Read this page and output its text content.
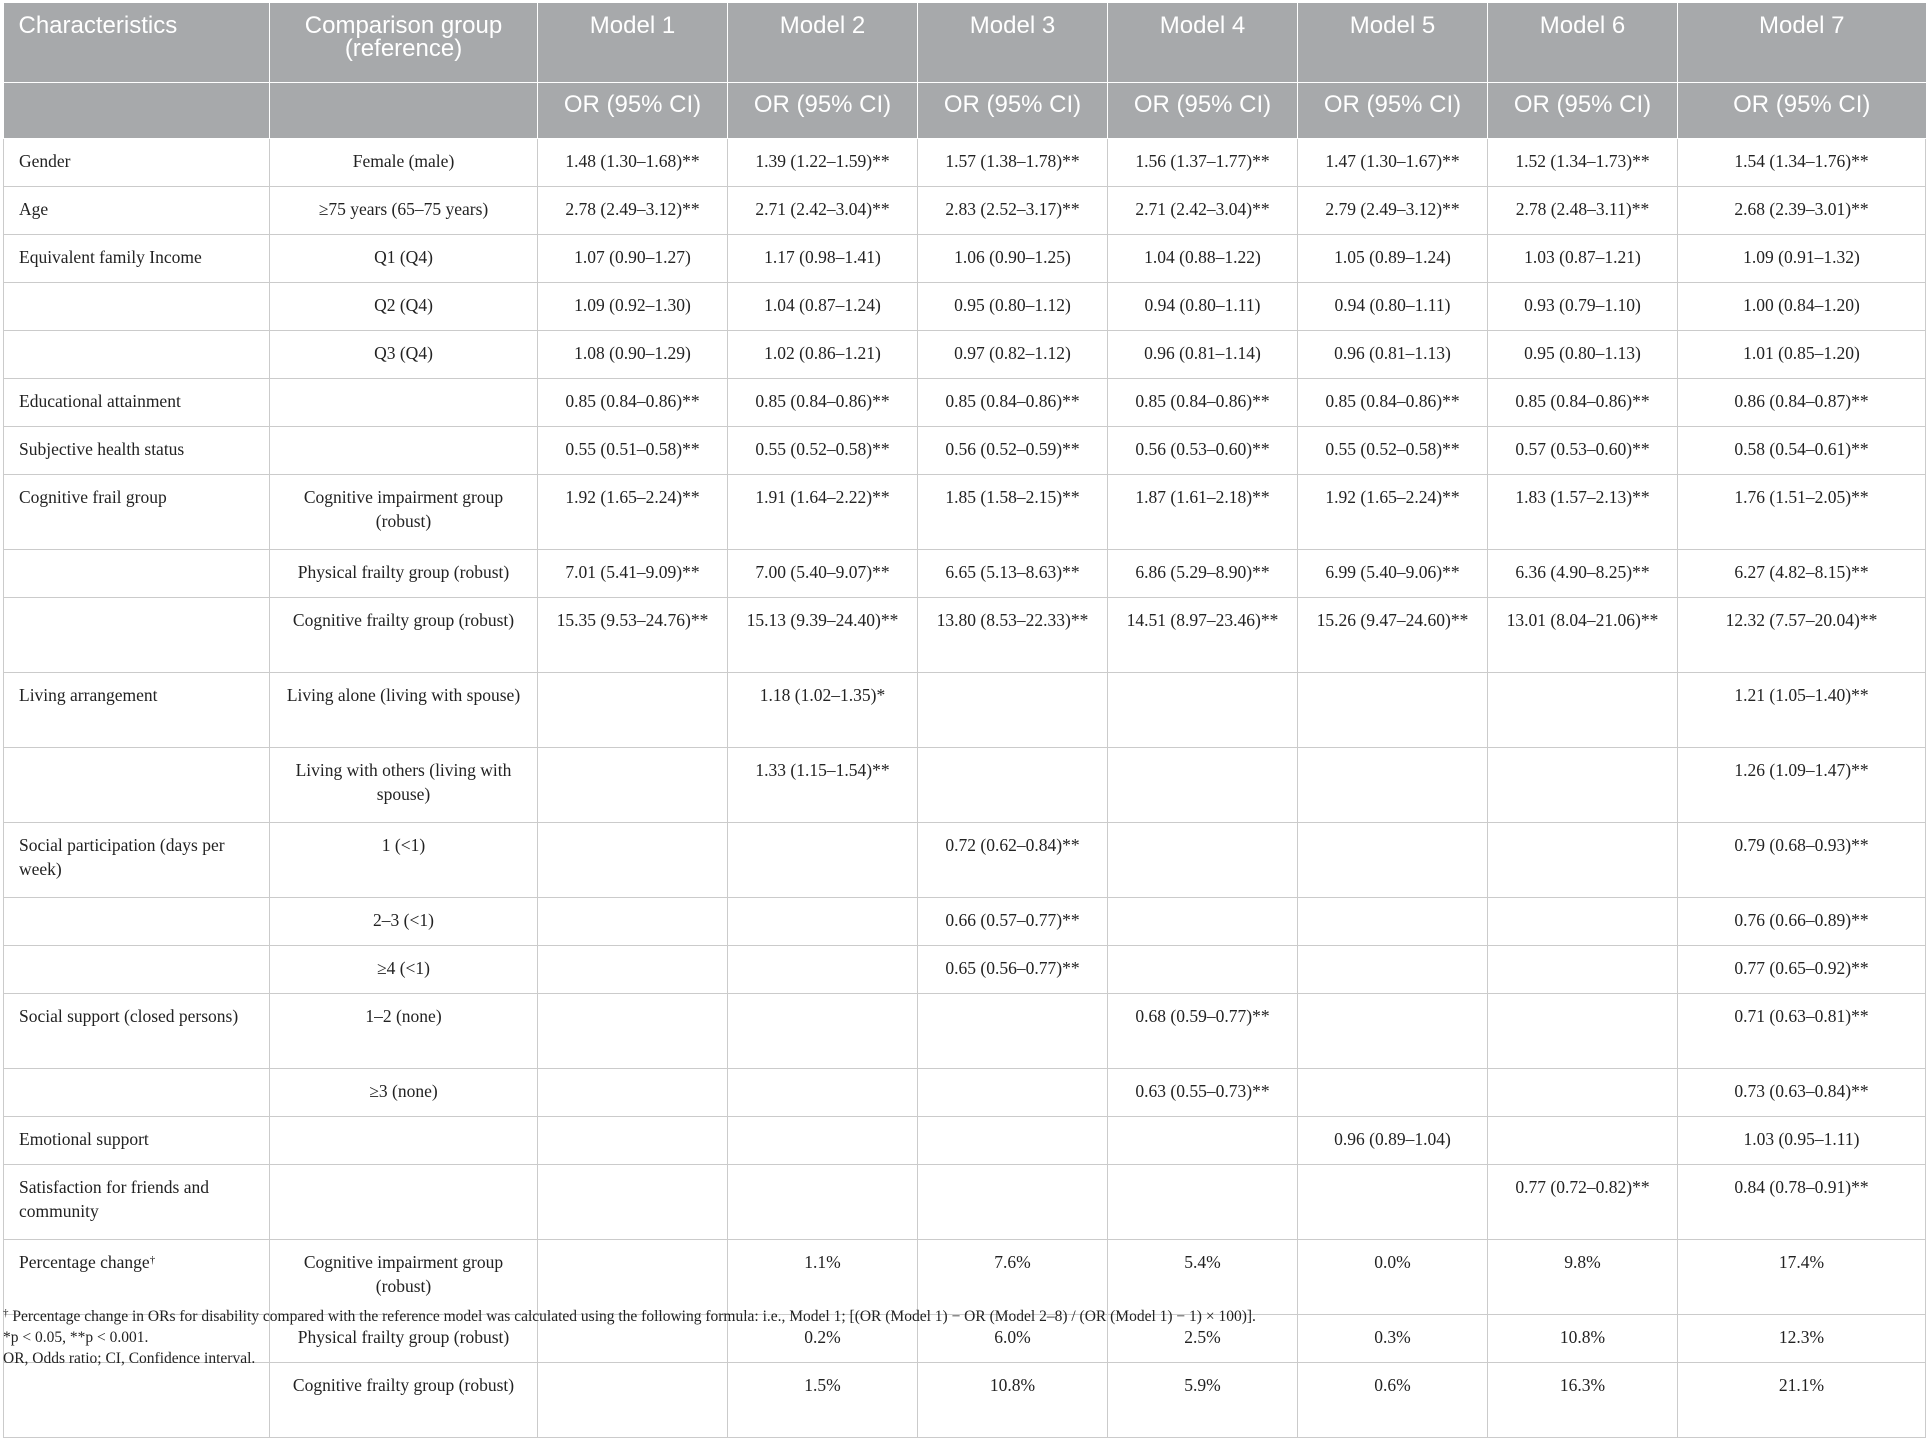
Characteristics	Comparison group (reference)	Model 1	Model 2	Model 3	Model 4	Model 5	Model 6	Model 7
		OR (95% CI)	OR (95% CI)	OR (95% CI)	OR (95% CI)	OR (95% CI)	OR (95% CI)	OR (95% CI)
Gender	Female (male)	1.48 (1.30–1.68)**	1.39 (1.22–1.59)**	1.57 (1.38–1.78)**	1.56 (1.37–1.77)**	1.47 (1.30–1.67)**	1.52 (1.34–1.73)**	1.54 (1.34–1.76)**
Age	≥75 years (65–75 years)	2.78 (2.49–3.12)**	2.71 (2.42–3.04)**	2.83 (2.52–3.17)**	2.71 (2.42–3.04)**	2.79 (2.49–3.12)**	2.78 (2.48–3.11)**	2.68 (2.39–3.01)**
Equivalent family Income	Q1 (Q4)	1.07 (0.90–1.27)	1.17 (0.98–1.41)	1.06 (0.90–1.25)	1.04 (0.88–1.22)	1.05 (0.89–1.24)	1.03 (0.87–1.21)	1.09 (0.91–1.32)
	Q2 (Q4)	1.09 (0.92–1.30)	1.04 (0.87–1.24)	0.95 (0.80–1.12)	0.94 (0.80–1.11)	0.94 (0.80–1.11)	0.93 (0.79–1.10)	1.00 (0.84–1.20)
	Q3 (Q4)	1.08 (0.90–1.29)	1.02 (0.86–1.21)	0.97 (0.82–1.12)	0.96 (0.81–1.14)	0.96 (0.81–1.13)	0.95 (0.80–1.13)	1.01 (0.85–1.20)
Educational attainment		0.85 (0.84–0.86)**	0.85 (0.84–0.86)**	0.85 (0.84–0.86)**	0.85 (0.84–0.86)**	0.85 (0.84–0.86)**	0.85 (0.84–0.86)**	0.86 (0.84–0.87)**
Subjective health status		0.55 (0.51–0.58)**	0.55 (0.52–0.58)**	0.56 (0.52–0.59)**	0.56 (0.53–0.60)**	0.55 (0.52–0.58)**	0.57 (0.53–0.60)**	0.58 (0.54–0.61)**
Cognitive frail group	Cognitive impairment group (robust)	1.92 (1.65–2.24)**	1.91 (1.64–2.22)**	1.85 (1.58–2.15)**	1.87 (1.61–2.18)**	1.92 (1.65–2.24)**	1.83 (1.57–2.13)**	1.76 (1.51–2.05)**
	Physical frailty group (robust)	7.01 (5.41–9.09)**	7.00 (5.40–9.07)**	6.65 (5.13–8.63)**	6.86 (5.29–8.90)**	6.99 (5.40–9.06)**	6.36 (4.90–8.25)**	6.27 (4.82–8.15)**
	Cognitive frailty group (robust)	15.35 (9.53–24.76)**	15.13 (9.39–24.40)**	13.80 (8.53–22.33)**	14.51 (8.97–23.46)**	15.26 (9.47–24.60)**	13.01 (8.04–21.06)**	12.32 (7.57–20.04)**
Living arrangement	Living alone (living with spouse)		1.18 (1.02–1.35)*					1.21 (1.05–1.40)**
	Living with others (living with spouse)		1.33 (1.15–1.54)**					1.26 (1.09–1.47)**
Social participation (days per week)	1 (<1)			0.72 (0.62–0.84)**				0.79 (0.68–0.93)**
	2–3 (<1)			0.66 (0.57–0.77)**				0.76 (0.66–0.89)**
	≥4 (<1)			0.65 (0.56–0.77)**				0.77 (0.65–0.92)**
Social support (closed persons)	1–2 (none)				0.68 (0.59–0.77)**			0.71 (0.63–0.81)**
	≥3 (none)				0.63 (0.55–0.73)**			0.73 (0.63–0.84)**
Emotional support						0.96 (0.89–1.04)		1.03 (0.95–1.11)
Satisfaction for friends and community							0.77 (0.72–0.82)**	0.84 (0.78–0.91)**
Percentage change†	Cognitive impairment group (robust)		1.1%	7.6%	5.4%	0.0%	9.8%	17.4%
	Physical frailty group (robust)		0.2%	6.0%	2.5%	0.3%	10.8%	12.3%
	Cognitive frailty group (robust)		1.5%	10.8%	5.9%	0.6%	16.3%	21.1%

† Percentage change in ORs for disability compared with the reference model was calculated using the following formula: i.e., Model 1; [(OR (Model 1) − OR (Model 2–8) / (OR (Model 1) − 1) × 100)].

*p < 0.05, **p < 0.001.

OR, Odds ratio; CI, Confidence interval.
